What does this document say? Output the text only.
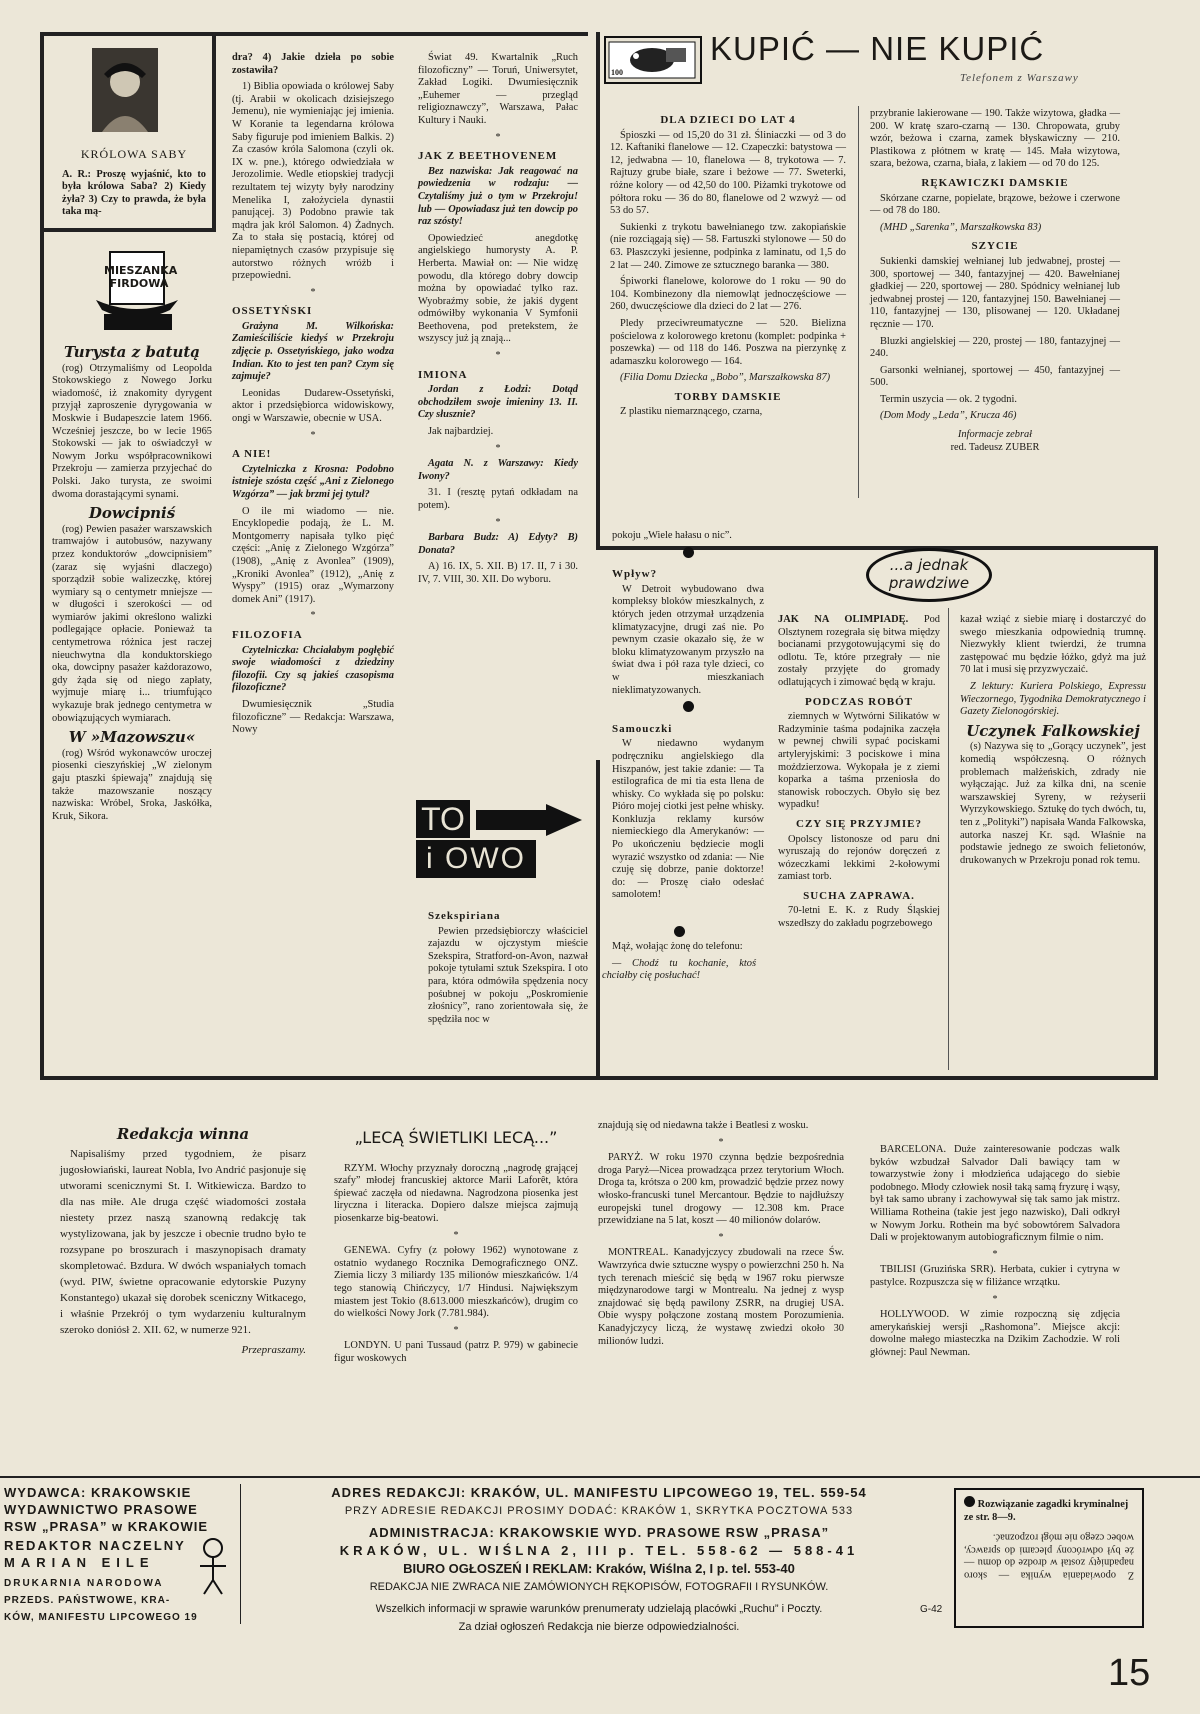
100
KUPIĆ — NIE KUPIĆ
Telefonem z Warszawy
KRÓLOWA SABY

A. R.: Proszę wyjaśnić, kto to była królowa Saba? 2) Kiedy żyła? 3) Czy to prawda, że była taka mą-

MIESZANKA FIRDOWA
Turysta z batutą

(rog) Otrzymaliśmy od Leopolda Stokowskiego z Nowego Jorku wiadomość, iż znakomity dyrygent przyjął zaproszenie dyrygowania w Moskwie i Budapeszcie latem 1966. Wcześniej jeszcze, bo w lecie 1965 Stokowski — jak to oświadczył w Nowym Jorku współpracownikowi Przekroju — zamierza przyjechać do Polski. Jako turysta, ze swoimi dwoma dorastającymi synami.

Dowcipniś

(rog) Pewien pasażer warszawskich tramwajów i autobusów, nazywany przez konduktorów „dowcipnisiem” (zaraz się wyjaśni dlaczego) sporządził sobie walizeczkę, której wymiary są o centymetr mniejsze — w długości i szerokości — od wymiarów jakimi określono walizki podlegające opłacie. Ponieważ ta centymetrowa różnica jest raczej nieuchwytna dla konduktorskiego oka, dowcipny pasażer każdorazowo, gdy żąda się od niego zapłaty, wyjmuje miarę i... triumfująco wykazuje brak jednego centymetra w obowiązujących wymiarach.

W »Mazowszu«

(rog) Wśród wykonawców uroczej piosenki cieszyńskiej „W zielonym gaju ptaszki śpiewają” znajdują się także mazowszanie noszący nazwiska: Wróbel, Sroka, Jaskółka, Kruk, Sikora.

dra? 4) Jakie dzieła po sobie zostawiła?

1) Biblia opowiada o królowej Saby (tj. Arabii w okolicach dzisiejszego Jemenu), nie wymieniając jej imienia. W Koranie ta legendarna królowa Saby figuruje pod imieniem Balkis. 2) Za czasów króla Salomona (czyli ok. IX w. pne.), którego odwiedziała w Jerozolimie. Wedle etiopskiej tradycji rezultatem tej wizyty były narodziny Menelika I, założyciela dynastii panującej. 3) Podobno prawie tak mądra jak król Salomon. 4) Żadnych. Za to stała się postacią, której od niepamiętnych czasów przypisuje się autorstwo różnych wróżb i przepowiedni.

*
OSSETYŃSKI

Grażyna M. Wilkońska: Zamieściliście kiedyś w Przekroju zdjęcie p. Ossetyńskiego, jako wodza Indian. Kto to jest ten pan? Czym się zajmuje?

Leonidas Dudarew-Ossetyński, aktor i przedsiębiorca widowiskowy, ongi w Warszawie, obecnie w USA.

*
A NIE!

Czytelniczka z Krosna: Podobno istnieje szósta część „Ani z Zielonego Wzgórza” — jak brzmi jej tytuł?

O ile mi wiadomo — nie. Encyklopedie podają, że L. M. Montgomerry napisała tylko pięć części: „Anię z Zielonego Wzgórza” (1908), „Anię z Avonlea” (1909), „Kroniki Avonlea” (1912), „Anię z Wyspy” (1915) oraz „Wymarzony domek Ani” (1917).

*
FILOZOFIA

Czytelniczka: Chciałabym pogłębić swoje wiadomości z dziedziny filozofii. Czy są jakieś czasopisma filozoficzne?

Dwumiesięcznik „Studia filozoficzne” — Redakcja: Warszawa, Nowy

Świat 49. Kwartalnik „Ruch filozoficzny” — Toruń, Uniwersytet, Zakład Logiki. Dwumiesięcznik „Euhemer — przegląd religioznawczy”, Warszawa, Pałac Kultury i Nauki.

*
JAK Z BEETHOVENEM

Bez nazwiska: Jak reagować na powiedzenia w rodzaju: — Czytaliśmy już o tym w Przekroju! lub — Opowiadasz już ten dowcip po raz szósty!

Opowiedzieć anegdotkę angielskiego humorysty A. P. Herberta. Mawiał on: — Nie widzę powodu, dla którego dobry dowcip można by opowiadać tylko raz. Wyobraźmy sobie, że jakiś dygent odmówiłby wykonania V Symfonii Beethovena, pod pretekstem, że wszyscy już ją znają...

*
IMIONA

Jordan z Łodzi: Dotąd obchodziłem swoje imieniny 13. II. Czy słusznie?

Jak najbardziej.

*

Agata N. z Warszawy: Kiedy Iwony?

31. I (resztę pytań odkładam na potem).

*

Barbara Budz: A) Edyty? B) Donata?

A) 16. IX, 5. XII. B) 17. II, 7 i 30. IV, 7. VIII, 30. XII. Do wyboru.

DLA DZIECI DO LAT 4

Śpioszki — od 15,20 do 31 zł. Śliniaczki — od 3 do 12. Kaftaniki flanelowe — 12. Czapeczki: batystowa — 12, jedwabna — 10, flanelowa — 8, trykotowa — 7. Rajtuzy grube białe, szare i beżowe — 77. Sweterki, różne kolory — od 42,50 do 100. Piżamki trykotowe od półtora roku — 36 do 80, flanelowe od 2 wzwyż — od 53 do 57.

Sukienki z trykotu bawełnianego tzw. zakopiańskie (nie rozciągają się) — 58. Fartuszki stylonowe — 50 do 63. Płaszczyki jesienne, podpinka z laminatu, od 1,5 do 2 lat — 240. Zimowe ze sztucznego baranka — 380.

Śpiworki flanelowe, kolorowe do 1 roku — 90 do 104. Kombinezony dla niemowląt jednoczęściowe — 260, dwuczęściowe dla dzieci do 2 lat — 276.

Pledy przeciwreumatyczne — 520. Bielizna pościelowa z kolorowego kretonu (komplet: podpinka + poszewka) — od 118 do 146. Poszwa na pierzynkę z adamaszku kolorowego — 164.

(Filia Domu Dziecka „Bobo”, Marszałkowska 87)

TORBY DAMSKIE

Z plastiku niemarznącego, czarna,

przybranie lakierowane — 190. Także wizytowa, gładka — 200. W kratę szaro-czarną — 130. Chropowata, gruby wzór, beżowa i czarna, zamek błyskawiczny — 210. Plastikowa z płótnem w kratę — 145. Mała wizytowa, szara, beżowa, czarna, biała, z lakiem — od 70 do 125.

RĘKAWICZKI DAMSKIE

Skórzane czarne, popielate, brązowe, beżowe i czerwone — od 78 do 180.

(MHD „Sarenka”, Marszałkowska 83)

SZYCIE

Sukienki damskiej wełnianej lub jedwabnej, prostej — 300, sportowej — 340, fantazyjnej — 420. Bawełnianej gładkiej — 220, sportowej — 280. Spódnicy wełnianej lub jedwabnej prostej — 120, fantazyjnej 150. Bawełnianej — 110, fantazyjnej — 130, plisowanej — 120. Układanej ręcznie — 170.

Bluzki angielskiej — 220, prostej — 180, fantazyjnej — 240.

Garsonki wełnianej, sportowej — 450, fantazyjnej — 500.

Termin uszycia — ok. 2 tygodni.

(Dom Mody „Leda”, Krucza 46)

Informacje zebrał
red. Tadeusz ZUBER
TO
i OWO
...a jednak
prawdziwe

pokoju „Wiele hałasu o nic”.

Wpływ?

W Detroit wybudowano dwa kompleksy bloków mieszkalnych, z których jeden otrzymał urządzenia klimatyzacyjne, drugi zaś nie. Po pewnym czasie okazało się, że w bloku klimatyzowanym przyszło na świat dwa i pół raza tyle dzieci, co w mieszkaniach nieklimatyzowanych.

Samouczki

W niedawno wydanym podręczniku angielskiego dla Hiszpanów, jest takie zdanie: — Ta estilografica de mi tia esta llena de whisky. Co wykłada się po polsku: Pióro mojej ciotki jest pełne whisky. Konkluzja reklamy kursów niemieckiego dla Amerykanów: — Po ukończeniu będziecie mogli wyrazić wszystko od zdania: — Nie czuję się dobrze, panie doktorze! do: — Proszę ciało odesłać samolotem!

Szekspiriana

Pewien przedsiębiorczy właściciel zajazdu w ojczystym mieście Szekspira, Stratford-on-Avon, nazwał pokoje tytułami sztuk Szekspira. I oto para, która odmówiła spędzenia nocy pośubnej w pokoju „Poskromienie złośnicy”, rano zorientowała się, że spędziła noc w

Mąż, wołając żonę do telefonu:

— Chodź tu kochanie, ktoś chciałby cię posłuchać!

JAK NA OLIMPIADĘ. Pod Olsztynem rozegrała się bitwa między bocianami przygotowującymi się do odlotu. Te, które przegrały — nie zostały przyjęte do gromady odlatujących i zimować będą w kraju.

PODCZAS ROBÓT

ziemnych w Wytwórni Silikatów w Radzyminie taśma podajnika zaczęła w pewnej chwili sypać pociskami artyleryjskimi: 3 pociskowe i mina moździerzowa. Wykopała je z ziemi koparka a taśma przeniosła do stanowisk roboczych. Obyło się bez wypadku!

CZY SIĘ PRZYJMIE?

Opolscy listonosze od paru dni wyruszają do rejonów doręczeń z wózeczkami lekkimi 2-kołowymi zamiast torb.

SUCHA ZAPRAWA.

70-letni E. K. z Rudy Śląskiej wszedłszy do zakładu pogrzebowego

kazał wziąć z siebie miarę i dostarczyć do swego mieszkania odpowiednią trumnę. Niezwykły klient twierdzi, że trumna zastępować mu będzie łóżko, gdyż ma już 70 lat i musi się przyzwyczaić.

Z lektury: Kuriera Polskiego, Expressu Wieczornego, Tygodnika Demokratycznego i Gazety Zielonogórskiej.

Uczynek Falkowskiej

(s) Nazywa się to „Gorący uczynek”, jest komedią współczesną. O różnych problemach małżeńskich, zdrady nie wyłączając. Już za kilka dni, na scenie warszawskiej Syreny, w reżyserii Wyrzykowskiego. Sztukę do tych dwóch, tu, ten z „Polityki”) napisała Wanda Falkowska, autorka naszej Kr. sąd. Właśnie na podstawie jednego ze swoich felietonów, drukowanych w Przekroju ponad rok temu.

Redakcja winna

Napisaliśmy przed tygodniem, że pisarz jugosłowiański, laureat Nobla, Ivo Andrić pasjonuje się utworami scenicznymi St. I. Witkiewicza. Bardzo to dla nas miłe. Ale druga część wiadomości została niestety przez naszą szanowną redakcję tak wystylizowana, jak by jeszcze i obecnie trudno było te rozsypane po broszurach i maszynopisach dramaty skompletować. Bzdura. W dwóch wspaniałych tomach (wyd. PIW, świetne opracowanie edytorskie Puzyny Konstantego) ukazał się dorobek sceniczny Witkacego, i właśnie Przekrój o tym wydarzeniu kulturalnym szeroko doniósł 2. XII. 62, w numerze 921.

Przepraszamy.
„LECĄ ŚWIETLIKI LECĄ...”

RZYM. Włochy przyznały doroczną „nagrodę grającej szafy” młodej francuskiej aktorce Marii Laforêt, która śpiewać zaczęła od niedawna. Nagrodzona piosenka jest liryczna i literacka. Dopiero dalsze miejsca zajmują piosenkarze big-beatowi.

*

GENEWA. Cyfry (z połowy 1962) wynotowane z ostatnio wydanego Rocznika Demograficznego ONZ. Ziemia liczy 3 miliardy 135 milionów mieszkańców. 1/4 tego stanowią Chińczycy, 1/7 Hindusi. Największym miastem jest Tokio (8.613.000 mieszkańców), drugim co do wielkości Nowy Jork (7.781.984).

*

LONDYN. U pani Tussaud (patrz P. 979) w gabinecie figur woskowych

znajdują się od niedawna także i Beatlesi z wosku.

*

PARYŻ. W roku 1970 czynna będzie bezpośrednia droga Paryż—Nicea prowadząca przez terytorium Włoch. Droga ta, krótsza o 200 km, prowadzić będzie przez nowy włosko-francuski tunel Mercantour. Będzie to najdłuższy europejski tunel drogowy — 12.308 km. Prace przewidziane na 5 lat, koszt — 40 milionów dolarów.

*

MONTREAL. Kanadyjczycy zbudowali na rzece Św. Wawrzyńca dwie sztuczne wyspy o powierzchni 250 h. Na tych terenach mieścić się będą w 1967 roku pierwsze międzynarodowe targi w Montrealu. Na jednej z wysp znajdować się będą pawilony ZSRR, na drugiej USA. Obie wyspy połączone zostaną mostem Porozumienia. Kanadyjczycy liczą, że wystawę zwiedzi około 30 milionów ludzi.

BARCELONA. Duże zainteresowanie podczas walk byków wzbudzał Salvador Dali bawiący tam w towarzystwie żony i młodzieńca udającego do siebie podobnego. Młody człowiek nosił taką samą fryzurę i wąsy, był tak samo ubrany i zachowywał się tak samo jak mistrz. Williama Rotheina (takie jest jego nazwisko), Dali odkrył w Nowym Jorku. Rothein ma być sobowtórem Salvadora Dali w projektowanym autobiograficznym filmie o nim.

*

TBILISI (Gruzińska SRR). Herbata, cukier i cytryna w pastylce. Rozpuszcza się w filiżance wrzątku.

*

HOLLYWOOD. W zimie rozpoczną się zdjęcia amerykańskiej wersji „Rashomona”. Miejsce akcji: dowolne małego miasteczka na Dzikim Zachodzie. W roli głównej: Paul Newman.

WYDAWCA: KRAKOWSKIE
WYDAWNICTWO PRASOWE
RSW „PRASA” w KRAKOWIE
REDAKTOR NACZELNY
MARIAN EILE
DRUKARNIA NARODOWA
PRZEDS. PAŃSTWOWE, KRA-
KÓW, MANIFESTU LIPCOWEGO 19
ADRES REDAKCJI: KRAKÓW, UL. MANIFESTU LIPCOWEGO 19, TEL. 559-54
PRZY ADRESIE REDAKCJI PROSIMY DODAĆ: KRAKÓW 1, SKRYTKA POCZTOWA 533
ADMINISTRACJA: KRAKOWSKIE WYD. PRASOWE RSW „PRASA”
KRAKÓW, UL. WIŚLNA 2, III p. TEL. 558-62 — 588-41
BIURO OGŁOSZEŃ I REKLAM: Kraków, Wiślna 2, I p. tel. 553-40
REDAKCJA NIE ZWRACA NIE ZAMÓWIONYCH RĘKOPISÓW, FOTOGRAFII I RYSUNKÓW.
Wszelkich informacji w sprawie warunków prenumeraty udzielają placówki „Ruchu” i Poczty.
Za dział ogłoszeń Redakcja nie bierze odpowiedzialności.
G-42
Rozwiązanie zagadki kryminalnej ze str. 8—9.
Z opowiadania wynika — skoro napadnięty został w drodze do domu — że był odwrócony plecami do sprawcy, wobec czego nie mógł rozpoznać.
15
